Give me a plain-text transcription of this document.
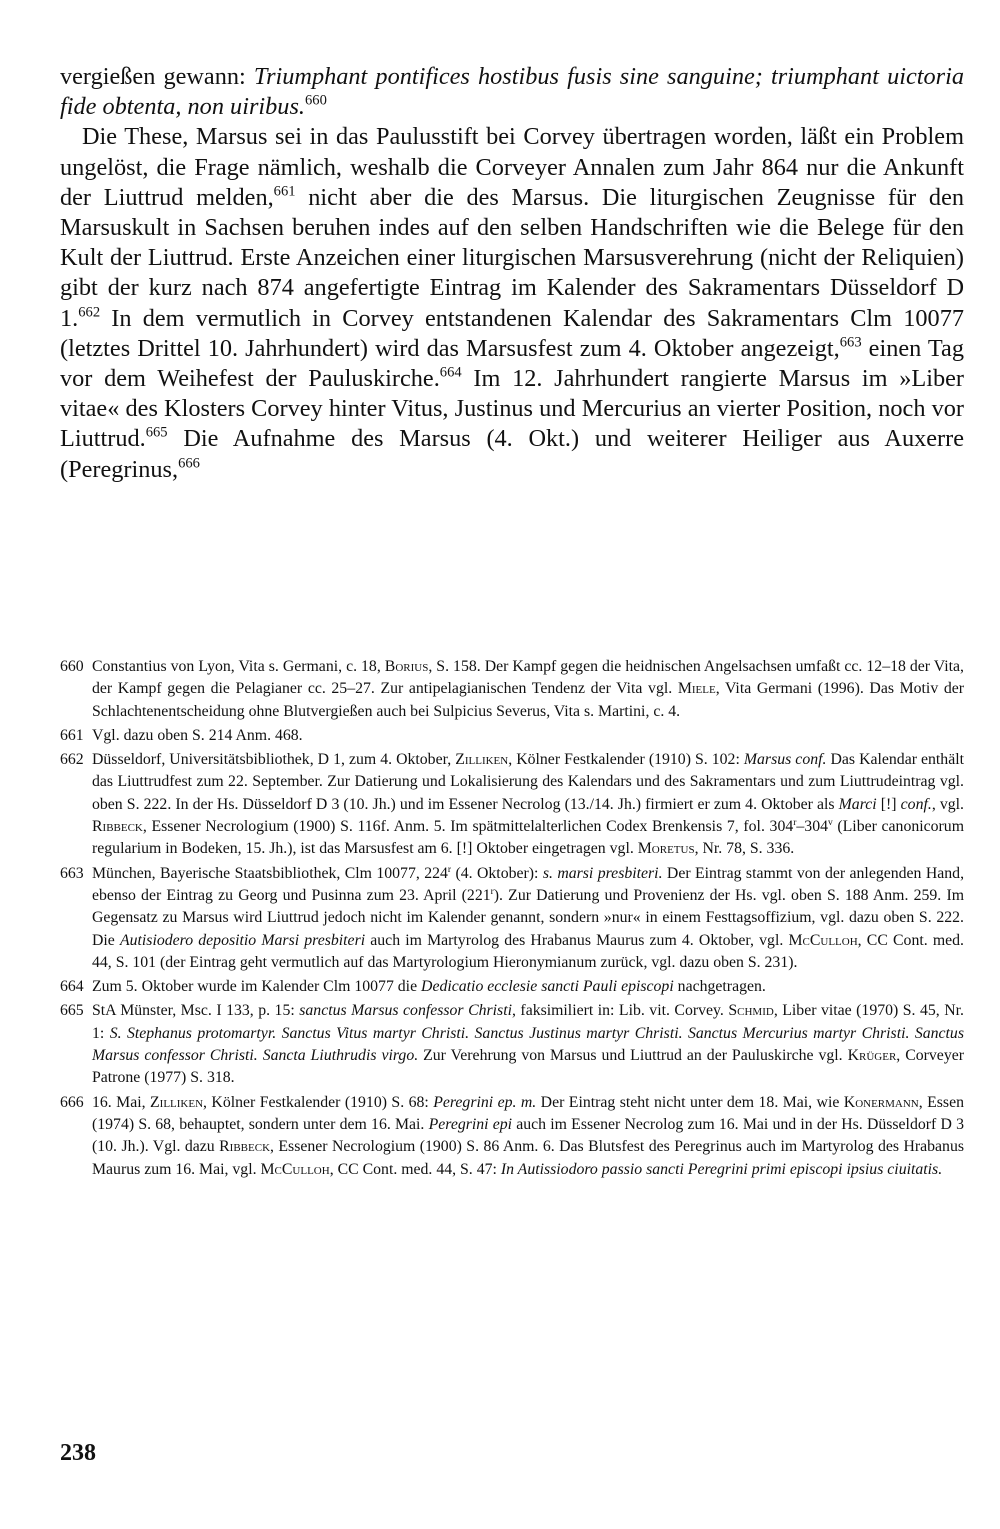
vergießen gewann: Triumphant pontifices hostibus fusis sine sanguine; triumphant uictoria fide obtenta, non uiribus.$^{660}$

Die These, Marsus sei in das Paulusstift bei Corvey übertragen worden, läßt ein Problem ungelöst, die Frage nämlich, weshalb die Corveyer Annalen zum Jahr 864 nur die Ankunft der Liuttrud melden,$^{661}$ nicht aber die des Marsus. Die liturgischen Zeugnisse für den Marsuskult in Sachsen beruhen indes auf den selben Handschriften wie die Belege für den Kult der Liuttrud. Erste Anzeichen einer liturgischen Marsusverehrung (nicht der Reliquien) gibt der kurz nach 874 angefertigte Eintrag im Kalender des Sakramentars Düsseldorf D 1.$^{662}$ In dem vermutlich in Corvey entstandenen Kalendar des Sakramentars Clm 10077 (letztes Drittel 10. Jahrhundert) wird das Marsusfest zum 4. Oktober angezeigt,$^{663}$ einen Tag vor dem Weihefest der Pauluskirche.$^{664}$ Im 12. Jahrhundert rangierte Marsus im »Liber vitae« des Klosters Corvey hinter Vitus, Justinus und Mercurius an vierter Position, noch vor Liuttrud.$^{665}$ Die Aufnahme des Marsus (4. Okt.) und weiterer Heiliger aus Auxerre (Peregrinus,$^{666}$

660 Constantius von Lyon, Vita s. Germani, c. 18, Borius, S. 158. Der Kampf gegen die heidnischen Angelsachsen umfaßt cc. 12–18 der Vita, der Kampf gegen die Pelagianer cc. 25–27. Zur antipelagianischen Tendenz der Vita vgl. Miele, Vita Germani (1996). Das Motiv der Schlachtenentscheidung ohne Blutvergießen auch bei Sulpicius Severus, Vita s. Martini, c. 4.
661 Vgl. dazu oben S. 214 Anm. 468.
662 Düsseldorf, Universitätsbibliothek, D 1, zum 4. Oktober, Zilliken, Kölner Festkalender (1910) S. 102: Marsus conf. Das Kalendar enthält das Liuttrudfest zum 22. September. Zur Datierung und Lokalisierung des Kalendars und des Sakramentars und zum Liuttrudeintrag vgl. oben S. 222. In der Hs. Düsseldorf D 3 (10. Jh.) und im Essener Necrolog (13./14. Jh.) firmiert er zum 4. Oktober als Marci [!] conf., vgl. Ribbeck, Essener Necrologium (1900) S. 116f. Anm. 5. Im spätmittelalterlichen Codex Brenkensis 7, fol. 304$^r$–304$^v$ (Liber canonicorum regularium in Bodeken, 15. Jh.), ist das Marsusfest am 6. [!] Oktober eingetragen vgl. Moretus, Nr. 78, S. 336.
663 München, Bayerische Staatsbibliothek, Clm 10077, 224$^r$ (4. Oktober): s. marsi presbiteri. Der Eintrag stammt von der anlegenden Hand, ebenso der Eintrag zu Georg und Pusinna zum 23. April (221$^r$). Zur Datierung und Provenienz der Hs. vgl. oben S. 188 Anm. 259. Im Gegensatz zu Marsus wird Liuttrud jedoch nicht im Kalender genannt, sondern »nur« in einem Festtagsoffizium, vgl. dazu oben S. 222. Die Autisiodero depositio Marsi presbiteri auch im Martyrolog des Hrabanus Maurus zum 4. Oktober, vgl. McCulloh, CC Cont. med. 44, S. 101 (der Eintrag geht vermutlich auf das Martyrologium Hieronymianum zurück, vgl. dazu oben S. 231).
664 Zum 5. Oktober wurde im Kalender Clm 10077 die Dedicatio ecclesie sancti Pauli episcopi nachgetragen.
665 StA Münster, Msc. I 133, p. 15: sanctus Marsus confessor Christi, faksimiliert in: Lib. vit. Corvey. Schmid, Liber vitae (1970) S. 45, Nr. 1: S. Stephanus protomartyr. Sanctus Vitus martyr Christi. Sanctus Justinus martyr Christi. Sanctus Mercurius martyr Christi. Sanctus Marsus confessor Christi. Sancta Liuthrudis virgo. Zur Verehrung von Marsus und Liuttrud an der Pauluskirche vgl. Krüger, Corveyer Patrone (1977) S. 318.
666 16. Mai, Zilliken, Kölner Festkalender (1910) S. 68: Peregrini ep. m. Der Eintrag steht nicht unter dem 18. Mai, wie Konermann, Essen (1974) S. 68, behauptet, sondern unter dem 16. Mai. Peregrini epi auch im Essener Necrolog zum 16. Mai und in der Hs. Düsseldorf D 3 (10. Jh.). Vgl. dazu Ribbeck, Essener Necrologium (1900) S. 86 Anm. 6. Das Blutsfest des Peregrinus auch im Martyrolog des Hrabanus Maurus zum 16. Mai, vgl. McCulloh, CC Cont. med. 44, S. 47: In Autissiodoro passio sancti Peregrini primi episcopi ipsius ciuitatis.
238
